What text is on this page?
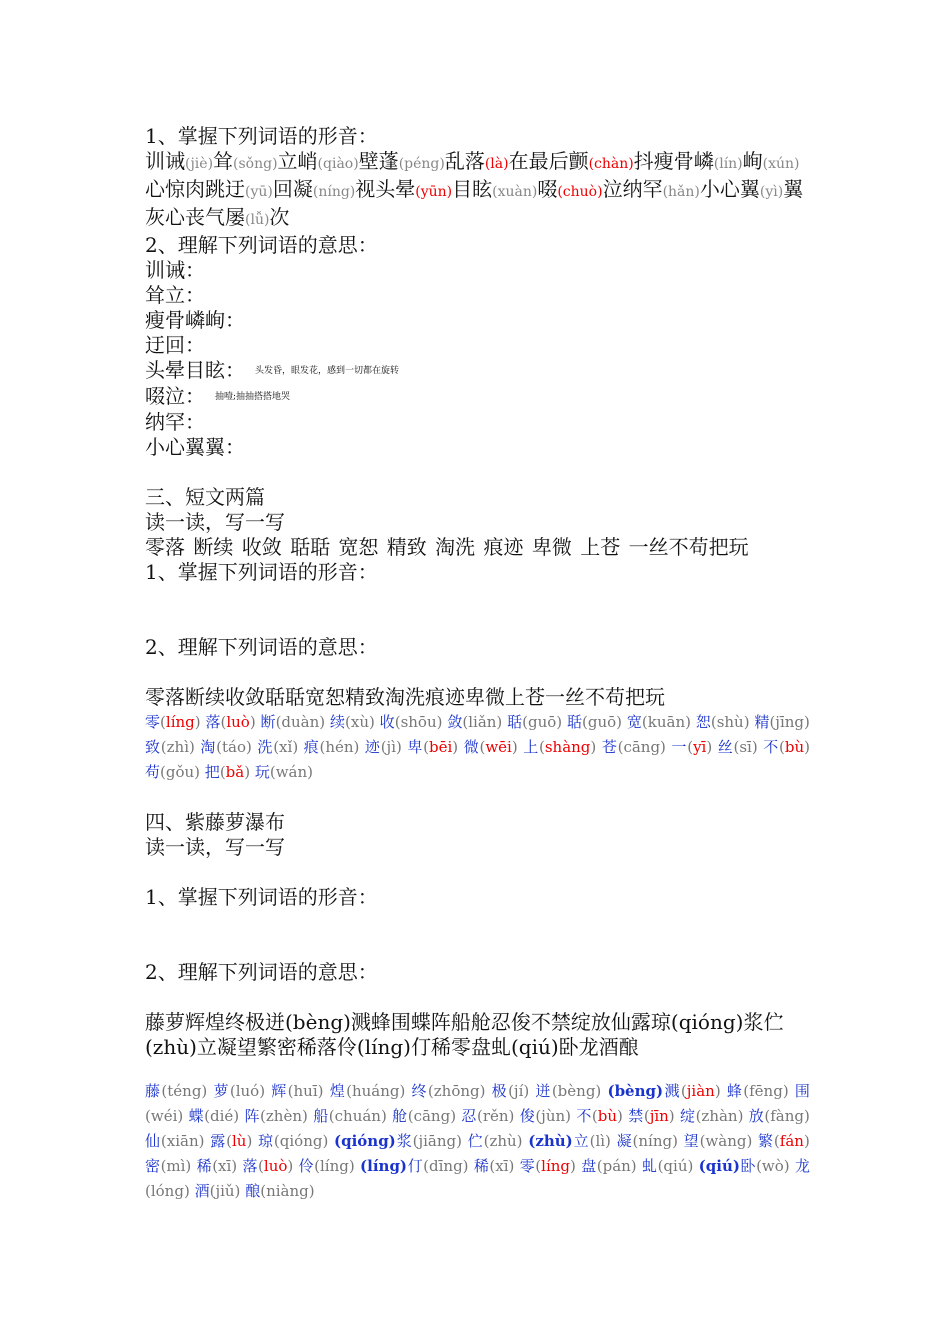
1、掌握下列词语的形音：
训诫(jiè)耸(sǒng)立峭(qiào)壁蓬(péng)乱落(là)在最后颤(chàn)抖瘦骨嶙(lín)峋(xún)心惊肉跳迂(yū)回凝(níng)视头晕(yūn)目眩(xuàn)啜(chuò)泣纳罕(hǎn)小心翼(yì)翼灰心丧气屡(lǚ)次
2、理解下列词语的意思：
训诫：
耸立：
瘦骨嶙峋：
迂回：
头晕目眩： 头发昏，眼发花，感到一切都在旋转
啜泣： 抽噎;抽抽搭搭地哭
纳罕：
小心翼翼：
三、短文两篇
读一读，写一写
零落 断续 收敛 聒聒 宽恕 精致 淘洗 痕迹 卑微 上苍 一丝不苟把玩
1、掌握下列词语的形音：
2、理解下列词语的意思：
零落断续收敛聒聒宽恕精致淘洗痕迹卑微上苍一丝不苟把玩
零(líng) 落(luò) 断(duàn) 续(xù) 收(shōu) 敛(liǎn) 聒(guō) 聒(guō) 宽(kuān) 恕(shù) 精(jīng) 致(zhì) 淘(táo) 洗(xǐ) 痕(hén) 迹(jì) 卑(bēi) 微(wēi) 上(shàng) 苍(cāng) 一(yī) 丝(sī) 不(bù) 苟(gǒu) 把(bǎ) 玩(wán)
四、紫藤萝瀑布
读一读，写一写
1、掌握下列词语的形音：
2、理解下列词语的意思：
藤萝辉煌终极迸(bèng)溅蜂围蝶阵船舱忍俊不禁绽放仙露琼(qióng)浆伫(zhù)立凝望繁密稀落伶(líng)仃稀零盘虬(qiú)卧龙酒酿
藤(téng) 萝(luó) 辉(huī) 煌(huáng) 终(zhōng) 极(jí) 迸(bèng) (bèng)溅(jiàn) 蜂(fēng) 围(wéi) 蝶(dié) 阵(zhèn) 船(chuán) 舱(cāng) 忍(rěn) 俊(jùn) 不(bù) 禁(jīn) 绽(zhàn) 放(fàng) 仙(xiān) 露(lù) 琼(qióng) (qióng)浆(jiāng) 伫(zhù) (zhù)立(lì) 凝(níng) 望(wàng) 繁(fán) 密(mì) 稀(xī) 落(luò) 伶(líng) (líng)仃(dīng) 稀(xī) 零(líng) 盘(pán) 虬(qiú) (qiú)卧(wò) 龙(lóng) 酒(jiǔ) 酿(niàng)
